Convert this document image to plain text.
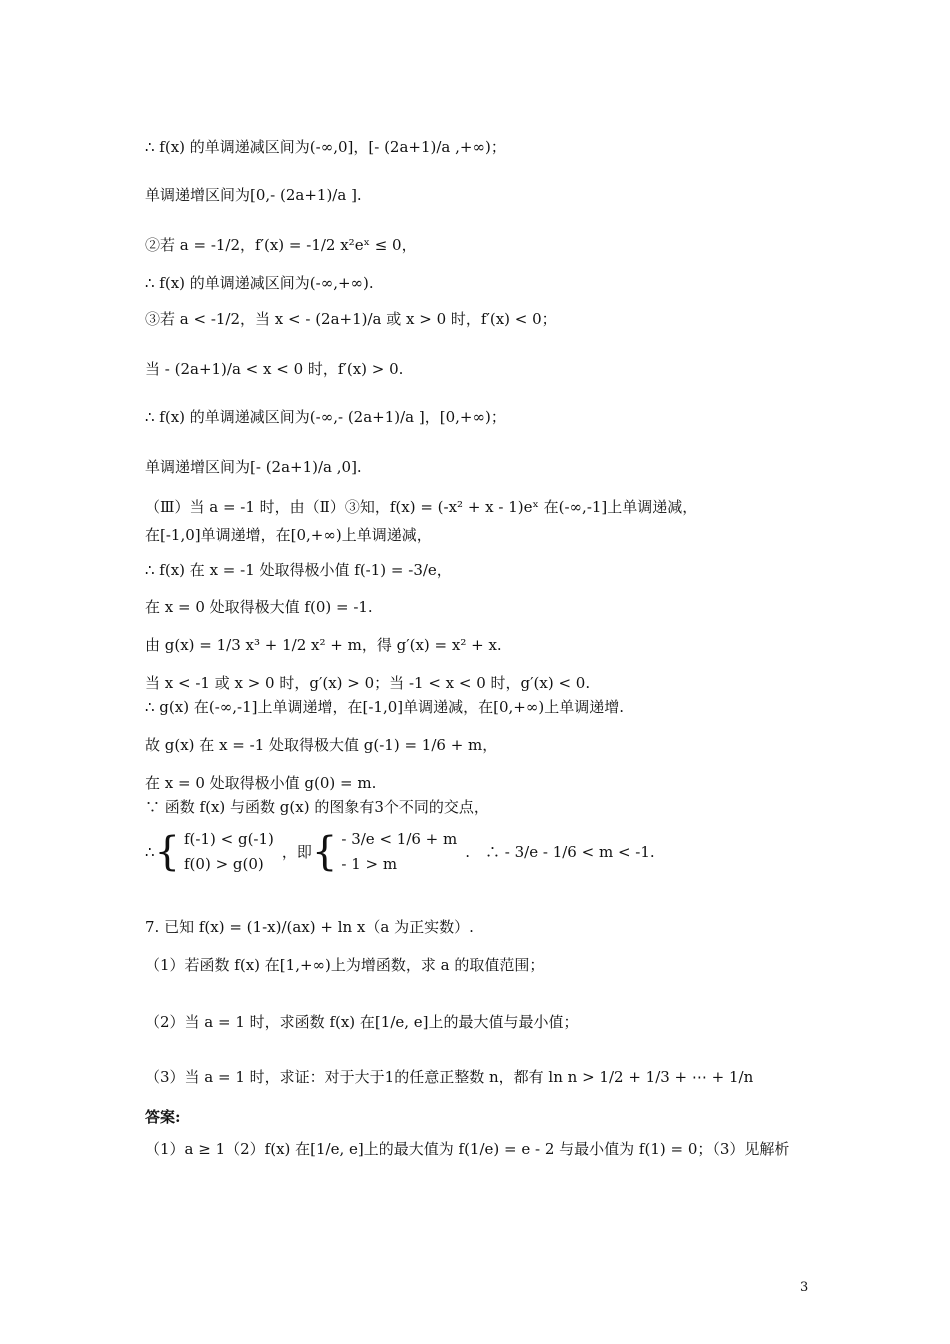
∴ f(x) 的单调递减区间为(-∞,0]，[- (2a+1)/a ,+∞)；
单调递增区间为[0,- (2a+1)/a ].
②若 a = -1/2，f′(x) = -1/2 x²eˣ ≤ 0，
∴ f(x) 的单调递减区间为(-∞,+∞).
③若 a < -1/2，当 x < - (2a+1)/a 或 x > 0 时，f′(x) < 0；
当 - (2a+1)/a < x < 0 时，f′(x) > 0.
∴ f(x) 的单调递减区间为(-∞,- (2a+1)/a ]，[0,+∞)；
单调递增区间为[- (2a+1)/a ,0].
（Ⅲ）当 a = -1 时，由（Ⅱ）③知，f(x) = (-x² + x - 1)eˣ 在(-∞,-1]上单调递减，
在[-1,0]单调递增，在[0,+∞)上单调递减，
∴ f(x) 在 x = -1 处取得极小值 f(-1) = -3/e，
在 x = 0 处取得极大值 f(0) = -1.
由 g(x) = 1/3 x³ + 1/2 x² + m，得 g′(x) = x² + x.
当 x < -1 或 x > 0 时，g′(x) > 0；当 -1 < x < 0 时，g′(x) < 0.
∴ g(x) 在(-∞,-1]上单调递增，在[-1,0]单调递减，在[0,+∞)上单调递增.
故 g(x) 在 x = -1 处取得极大值 g(-1) = 1/6 + m，
在 x = 0 处取得极小值 g(0) = m.
∵ 函数 f(x) 与函数 g(x) 的图象有3个不同的交点，
∴ { f(-1) < g(-1)
f(0) > g(0)
，即 { - 3/e < 1/6 + m
- 1 > m
.　∴ - 3/e - 1/6 < m < -1.
7. 已知 f(x) = (1-x)/(ax) + ln x（a 为正实数）.
（1）若函数 f(x) 在[1,+∞)上为增函数，求 a 的取值范围；
（2）当 a = 1 时，求函数 f(x) 在[1/e, e]上的最大值与最小值；
（3）当 a = 1 时，求证：对于大于1的任意正整数 n，都有 ln n > 1/2 + 1/3 + ⋯ + 1/n
答案:
（1）a ≥ 1（2）f(x) 在[1/e, e]上的最大值为 f(1/e) = e - 2 与最小值为 f(1) = 0；（3）见解析
3
